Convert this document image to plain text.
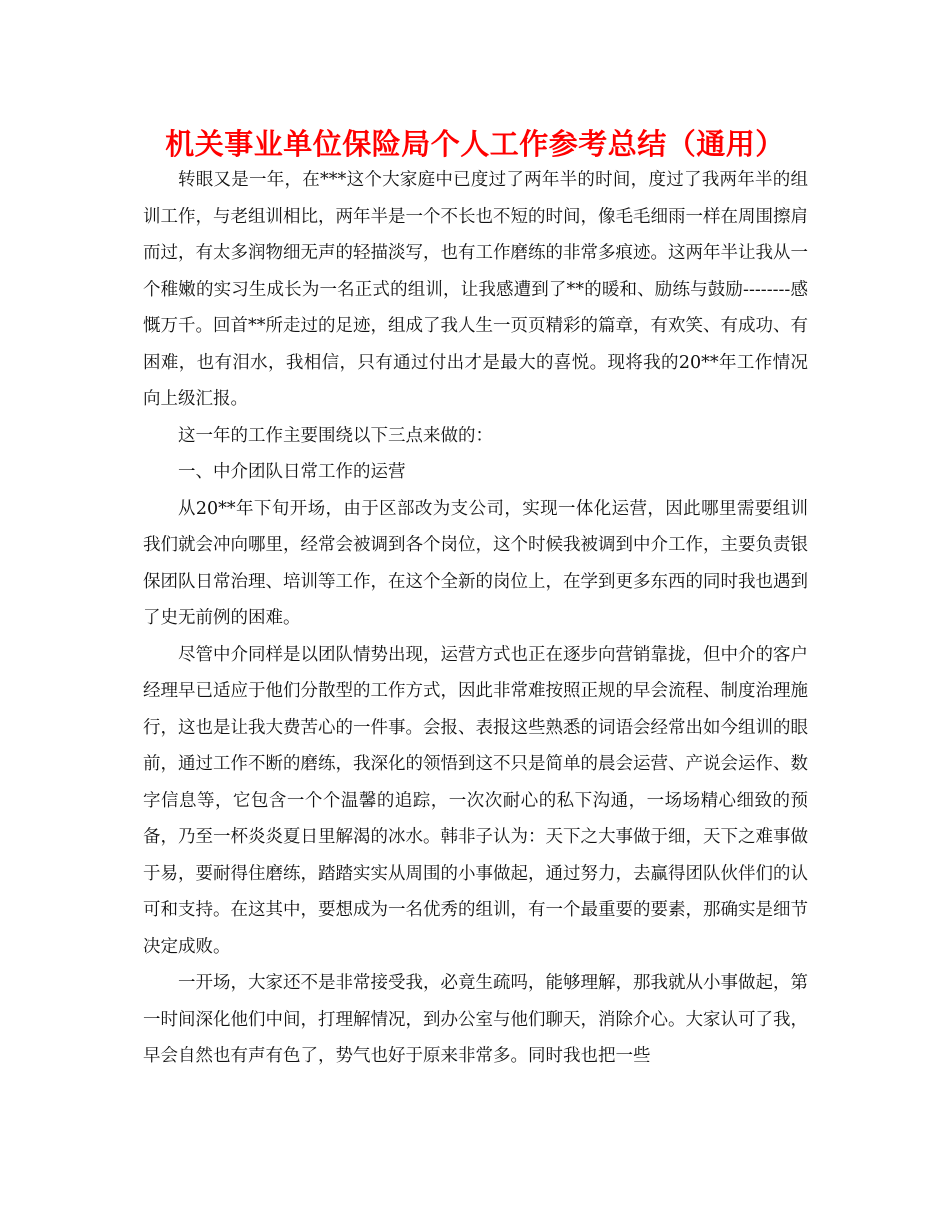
机关事业单位保险局个人工作参考总结（通用）

转眼又是一年，在***这个大家庭中已度过了两年半的时间，度过了我两年半的组训工作，与老组训相比，两年半是一个不长也不短的时间，像毛毛细雨一样在周围擦肩而过，有太多润物细无声的轻描淡写，也有工作磨练的非常多痕迹。这两年半让我从一个稚嫩的实习生成长为一名正式的组训，让我感遭到了**的暖和、励练与鼓励--------感慨万千。回首**所走过的足迹，组成了我人生一页页精彩的篇章，有欢笑、有成功、有困难，也有泪水，我相信，只有通过付出才是最大的喜悦。现将我的20**年工作情况向上级汇报。

这一年的工作主要围绕以下三点来做的：

一、中介团队日常工作的运营

从20**年下旬开场，由于区部改为支公司，实现一体化运营，因此哪里需要组训我们就会冲向哪里，经常会被调到各个岗位，这个时候我被调到中介工作，主要负责银保团队日常治理、培训等工作，在这个全新的岗位上，在学到更多东西的同时我也遇到了史无前例的困难。

尽管中介同样是以团队情势出现，运营方式也正在逐步向营销靠拢，但中介的客户经理早已适应于他们分散型的工作方式，因此非常难按照正规的早会流程、制度治理施行，这也是让我大费苦心的一件事。会报、表报这些熟悉的词语会经常出如今组训的眼前，通过工作不断的磨练，我深化的领悟到这不只是简单的晨会运营、产说会运作、数字信息等，它包含一个个温馨的追踪，一次次耐心的私下沟通，一场场精心细致的预备，乃至一杯炎炎夏日里解渴的冰水。韩非子认为：天下之大事做于细，天下之难事做于易，要耐得住磨练，踏踏实实从周围的小事做起，通过努力，去赢得团队伙伴们的认可和支持。在这其中，要想成为一名优秀的组训，有一个最重要的要素，那确实是细节决定成败。

一开场，大家还不是非常接受我，必竟生疏吗，能够理解，那我就从小事做起，第一时间深化他们中间，打理解情况，到办公室与他们聊天，消除介心。大家认可了我，早会自然也有声有色了，势气也好于原来非常多。同时我也把一些
